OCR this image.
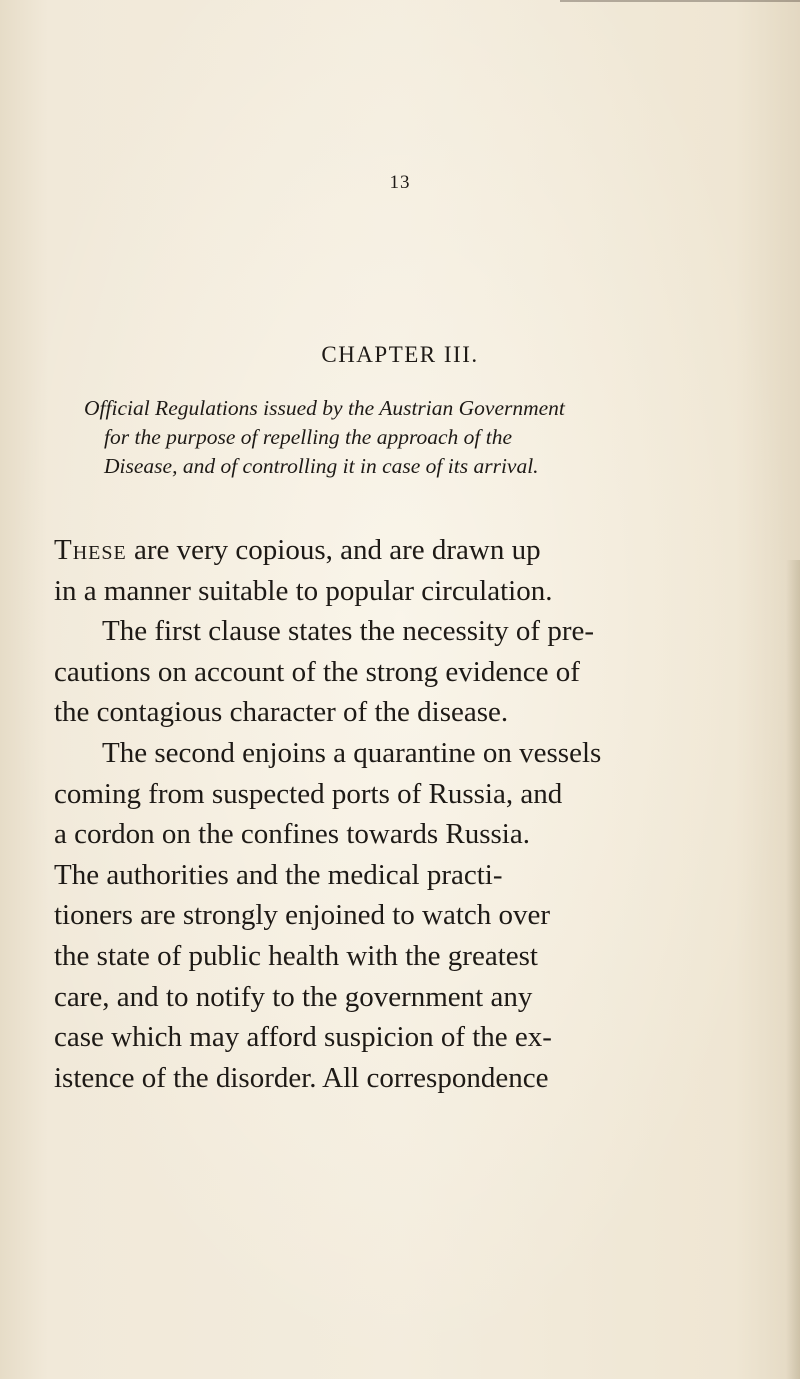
13
CHAPTER III.
Official Regulations issued by the Austrian Government
for the purpose of repelling the approach of the
Disease, and of controlling it in case of its arrival.
These are very copious, and are drawn up
in a manner suitable to popular circulation.
The first clause states the necessity of pre-
cautions on account of the strong evidence of
the contagious character of the disease.
The second enjoins a quarantine on vessels
coming from suspected ports of Russia, and
a cordon on the confines towards Russia.
The authorities and the medical practi-
tioners are strongly enjoined to watch over
the state of public health with the greatest
care, and to notify to the government any
case which may afford suspicion of the ex-
istence of the disorder. All correspondence
